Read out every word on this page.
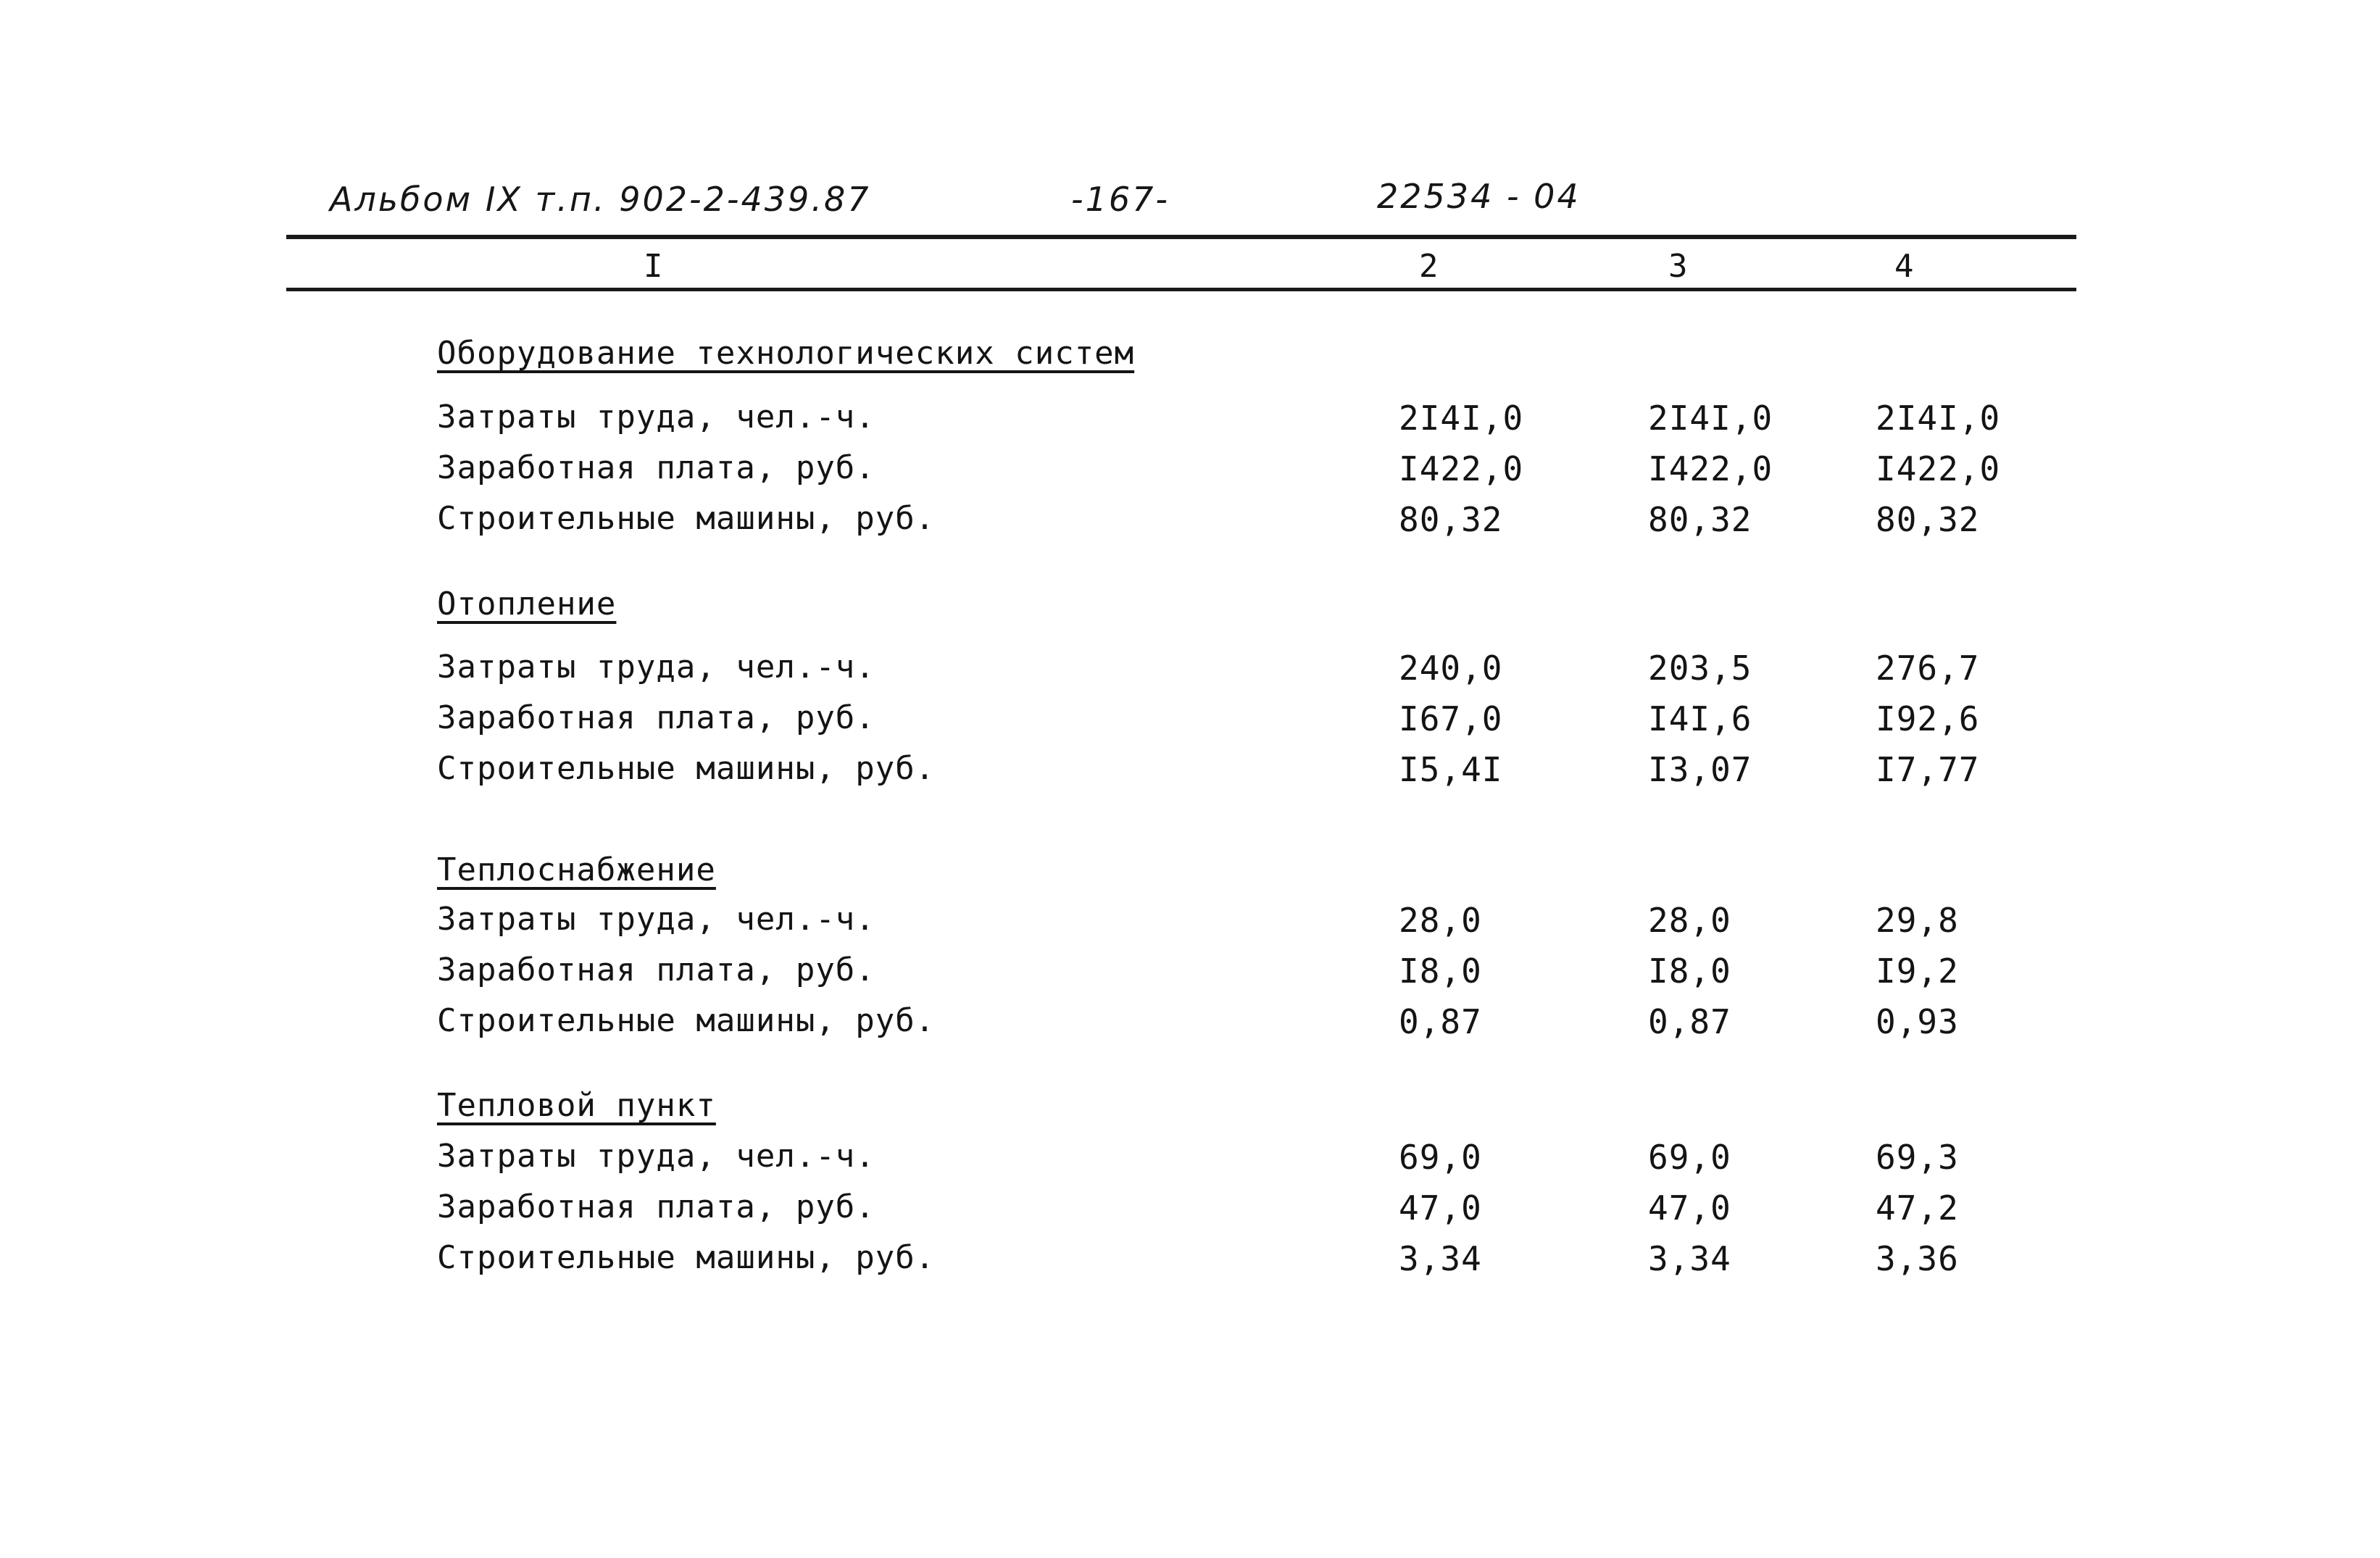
Альбом IX т.п. 902-2-439.87	-167-	22534 - 04
I	2	3	4
Оборудование технологических систем
Затраты труда, чел.-ч.	2I4I,0	2I4I,0	2I4I,0
Заработная плата, руб.	I422,0	I422,0	I422,0
Строительные машины, руб.	80,32	80,32	80,32
Отопление
Затраты труда, чел.-ч.	240,0	203,5	276,7
Заработная плата, руб.	I67,0	I4I,6	I92,6
Строительные машины, руб.	I5,4I	I3,07	I7,77
Теплоснабжение
Затраты труда, чел.-ч.	28,0	28,0	29,8
Заработная плата, руб.	I8,0	I8,0	I9,2
Строительные машины, руб.	0,87	0,87	0,93
Тепловой пункт
Затраты труда, чел.-ч.	69,0	69,0	69,3
Заработная плата, руб.	47,0	47,0	47,2
Строительные машины, руб.	3,34	3,34	3,36
